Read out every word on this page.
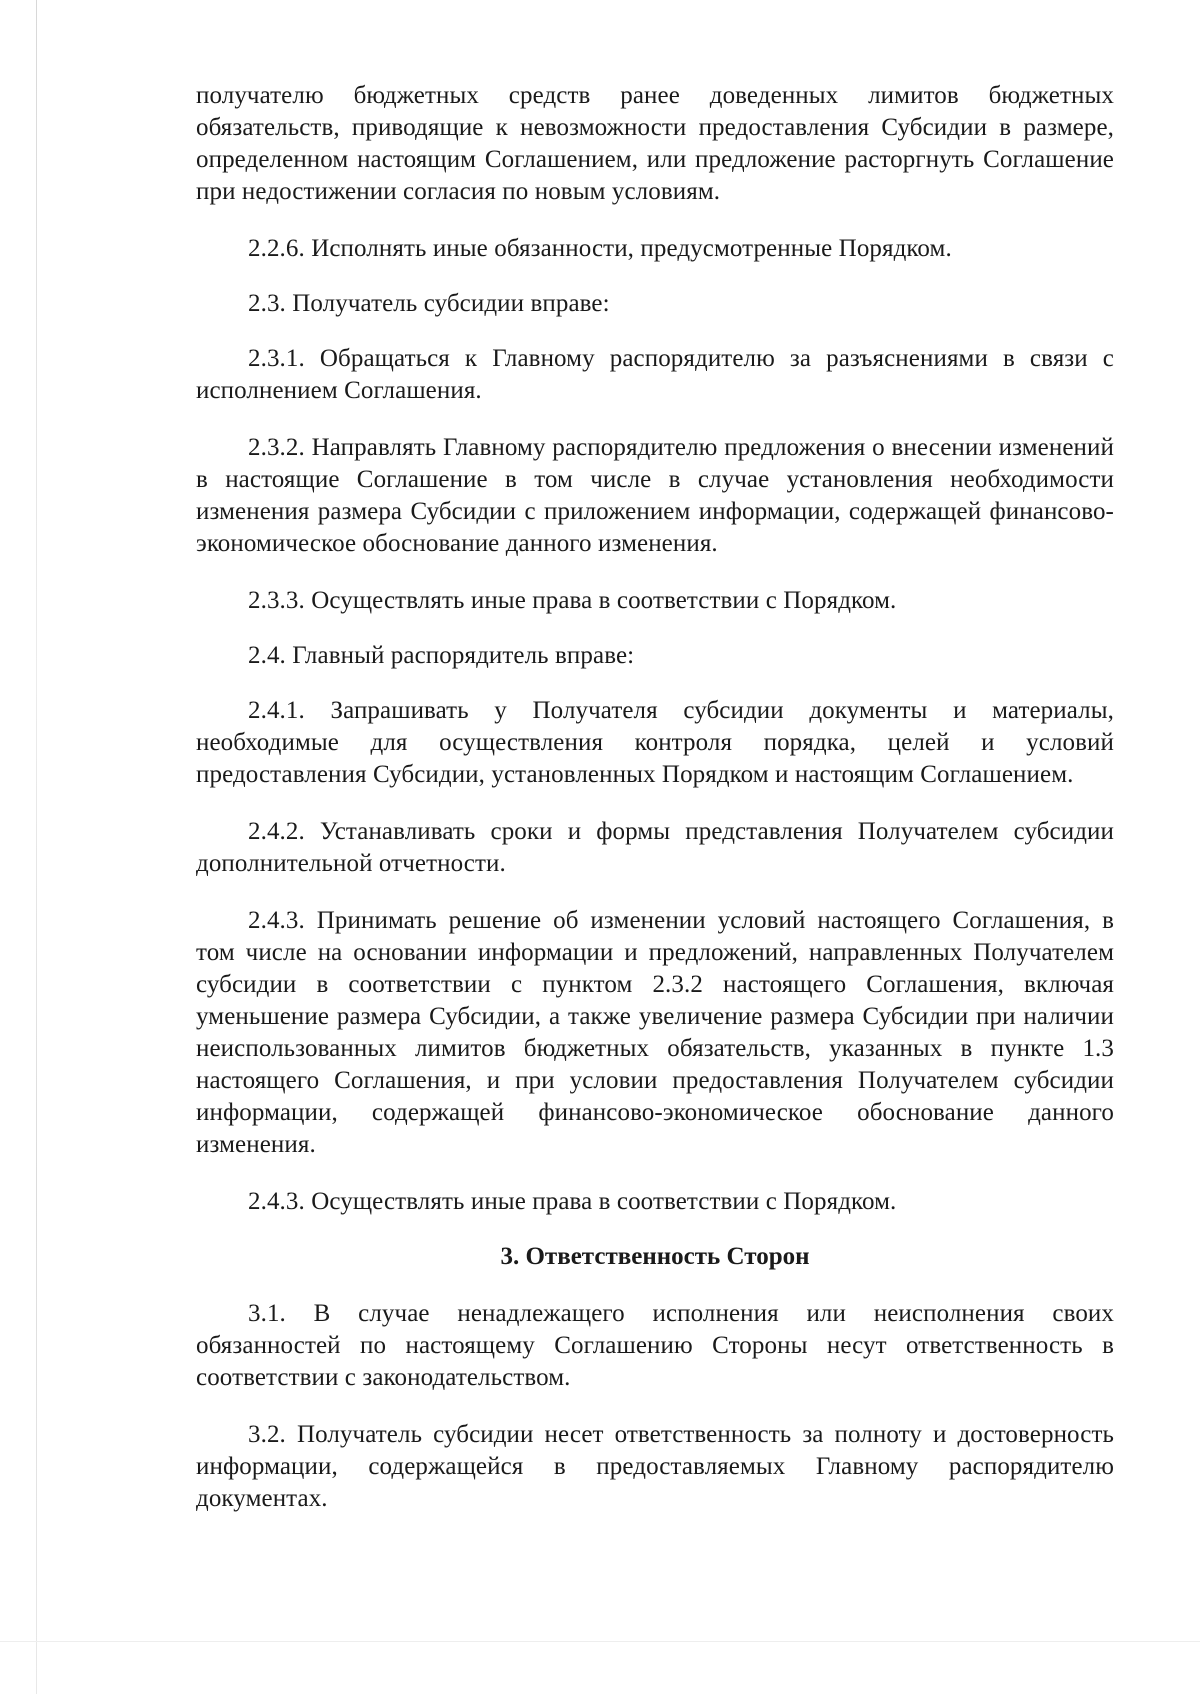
получателю бюджетных средств ранее доведенных лимитов бюджетных обязательств, приводящие к невозможности предоставления Субсидии в размере, определенном настоящим Соглашением, или предложение расторгнуть Соглашение при недостижении согласия по новым условиям.

2.2.6. Исполнять иные обязанности, предусмотренные Порядком.

2.3. Получатель субсидии вправе:

2.3.1. Обращаться к Главному распорядителю за разъяснениями в связи с исполнением Соглашения.

2.3.2. Направлять Главному распорядителю предложения о внесении изменений в настоящие Соглашение в том числе в случае установления необходимости изменения размера Субсидии с приложением информации, содержащей финансово-экономическое обоснование данного изменения.

2.3.3. Осуществлять иные права в соответствии с Порядком.

2.4. Главный распорядитель вправе:

2.4.1. Запрашивать у Получателя субсидии документы и материалы, необходимые для осуществления контроля порядка, целей и условий предоставления Субсидии, установленных Порядком и настоящим Соглашением.

2.4.2. Устанавливать сроки и формы представления Получателем субсидии дополнительной отчетности.

2.4.3. Принимать решение об изменении условий настоящего Соглашения, в том числе на основании информации и предложений, направленных Получателем субсидии в соответствии с пунктом 2.3.2 настоящего Соглашения, включая уменьшение размера Субсидии, а также увеличение размера Субсидии при наличии неиспользованных лимитов бюджетных обязательств, указанных в пункте 1.3 настоящего Соглашения, и при условии предоставления Получателем субсидии информации, содержащей финансово-экономическое обоснование данного изменения.

2.4.3. Осуществлять иные права в соответствии с Порядком.

3. Ответственность Сторон

3.1. В случае ненадлежащего исполнения или неисполнения своих обязанностей по настоящему Соглашению Стороны несут ответственность в соответствии с законодательством.

3.2. Получатель субсидии несет ответственность за полноту и достоверность информации, содержащейся в предоставляемых Главному распорядителю документах.
